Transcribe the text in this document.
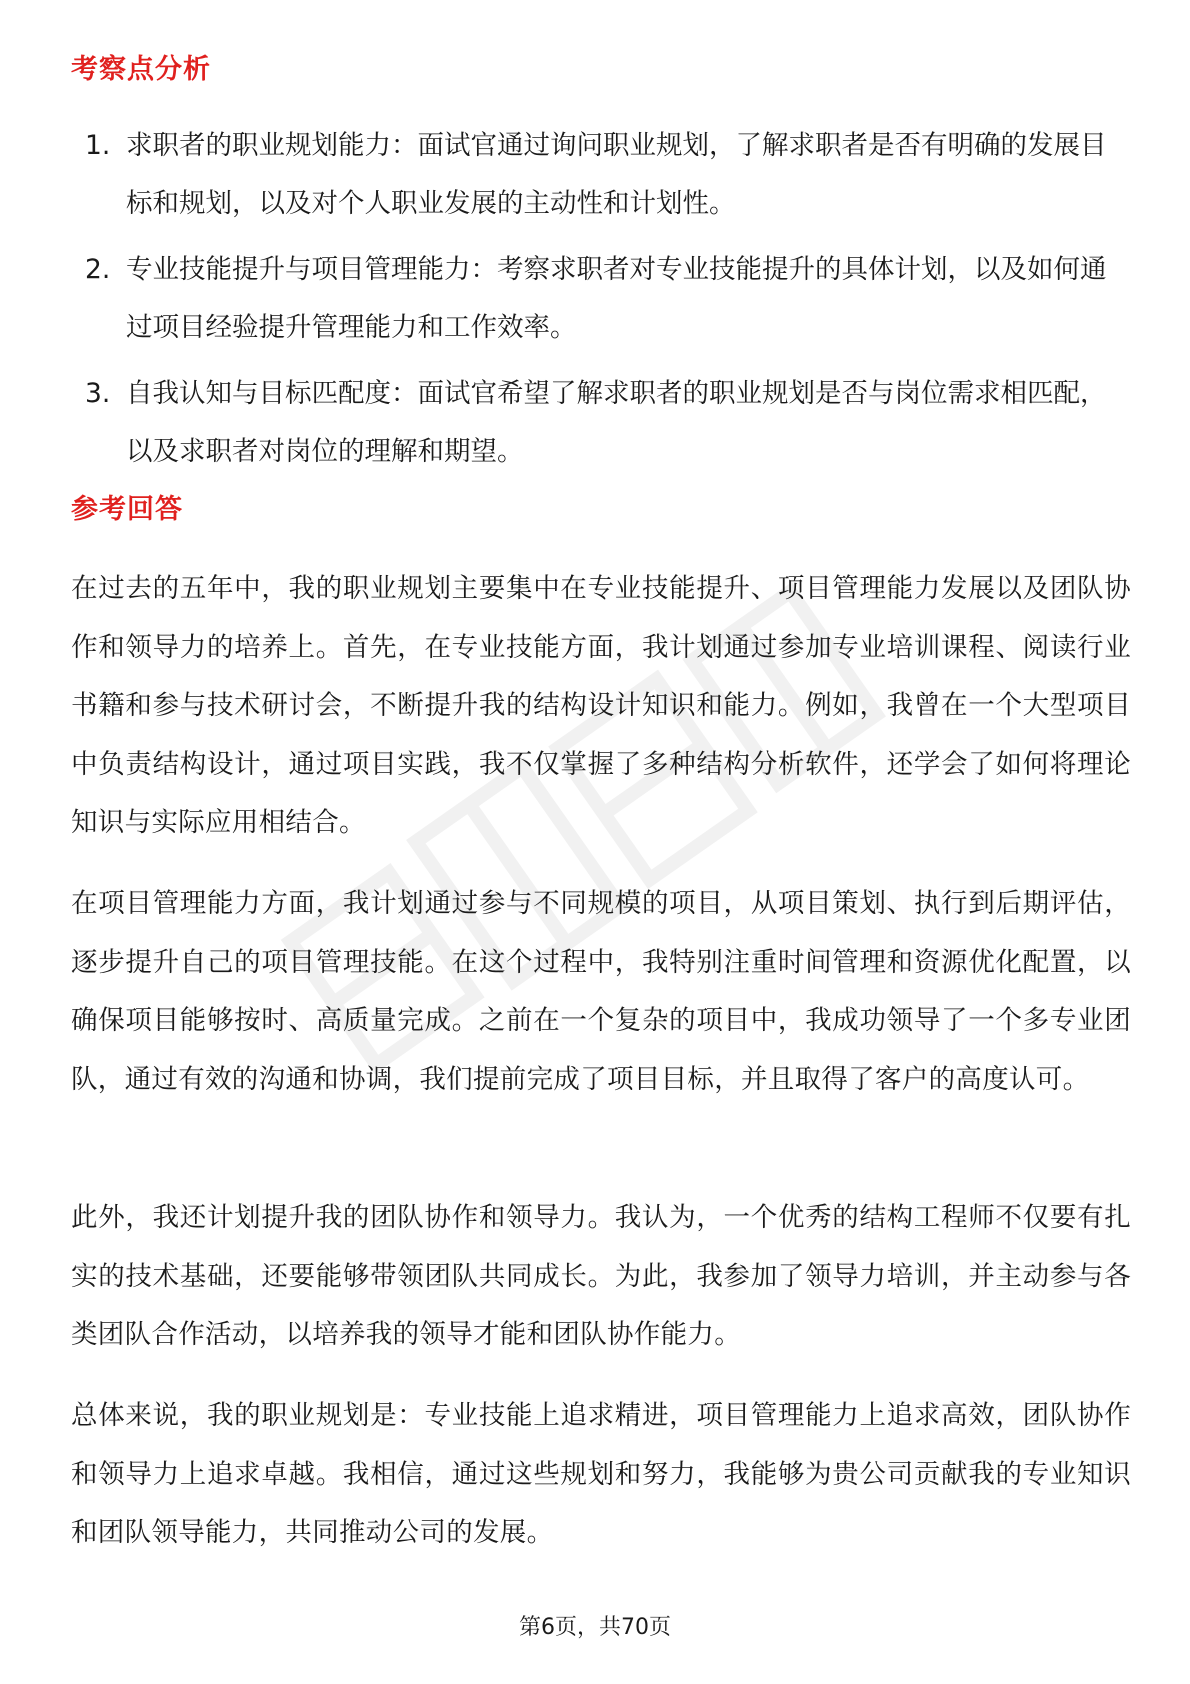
考察点分析
1. 求职者的职业规划能力：面试官通过询问职业规划，了解求职者是否有明确的发展目标和规划，以及对个人职业发展的主动性和计划性。
2. 专业技能提升与项目管理能力：考察求职者对专业技能提升的具体计划，以及如何通过项目经验提升管理能力和工作效率。
3. 自我认知与目标匹配度：面试官希望了解求职者的职业规划是否与岗位需求相匹配，以及求职者对岗位的理解和期望。
参考回答

在过去的五年中，我的职业规划主要集中在专业技能提升、项目管理能力发展以及团队协作和领导力的培养上。首先，在专业技能方面，我计划通过参加专业培训课程、阅读行业书籍和参与技术研讨会，不断提升我的结构设计知识和能力。例如，我曾在一个大型项目中负责结构设计，通过项目实践，我不仅掌握了多种结构分析软件，还学会了如何将理论知识与实际应用相结合。

在项目管理能力方面，我计划通过参与不同规模的项目，从项目策划、执行到后期评估，逐步提升自己的项目管理技能。在这个过程中，我特别注重时间管理和资源优化配置，以确保项目能够按时、高质量完成。之前在一个复杂的项目中，我成功领导了一个多专业团队，通过有效的沟通和协调，我们提前完成了项目目标，并且取得了客户的高度认可。

此外，我还计划提升我的团队协作和领导力。我认为，一个优秀的结构工程师不仅要有扎实的技术基础，还要能够带领团队共同成长。为此，我参加了领导力培训，并主动参与各类团队合作活动，以培养我的领导才能和团队协作能力。

总体来说，我的职业规划是：专业技能上追求精进，项目管理能力上追求高效，团队协作和领导力上追求卓越。我相信，通过这些规划和努力，我能够为贵公司贡献我的专业知识和团队领导能力，共同推动公司的发展。

第6页，共70页
